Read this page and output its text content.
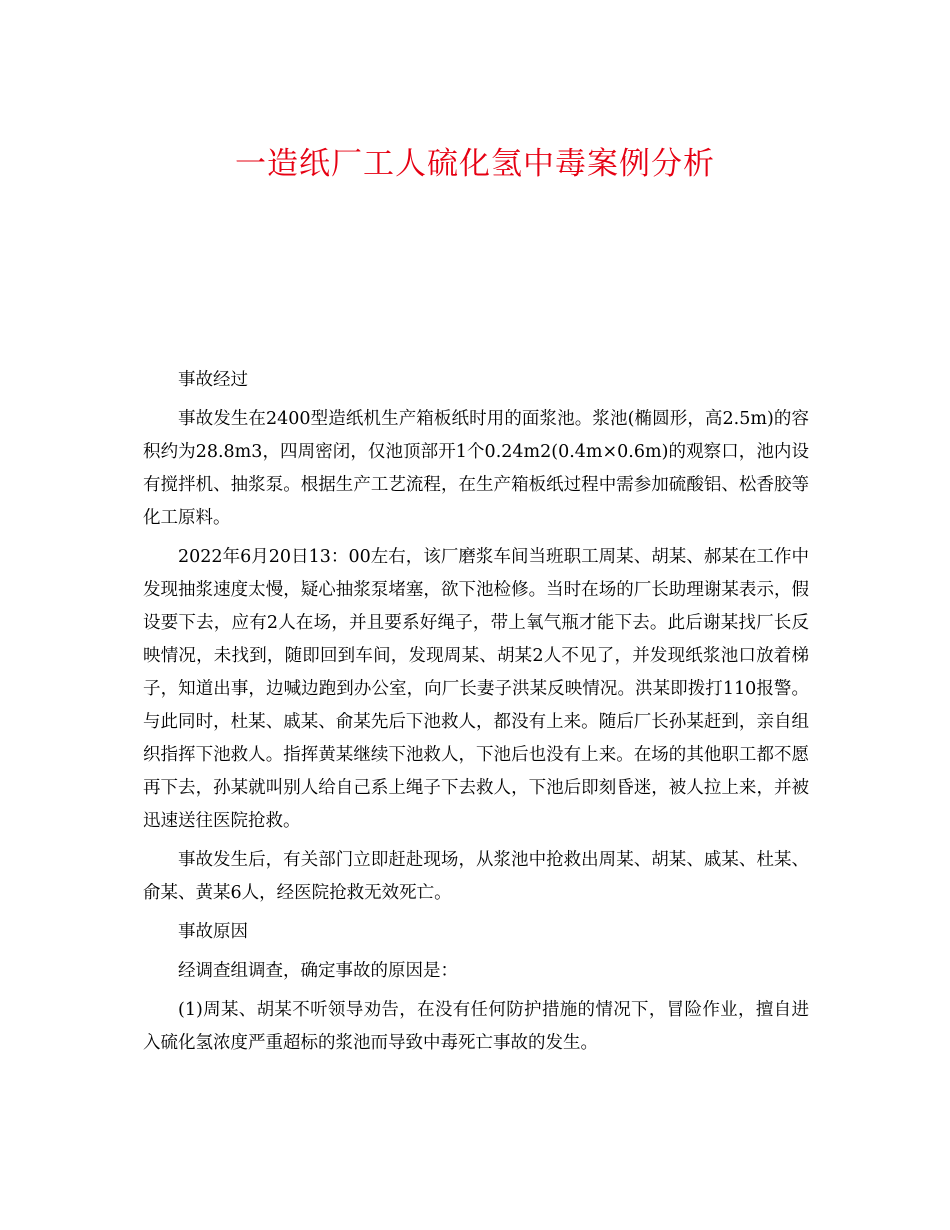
一造纸厂工人硫化氢中毒案例分析

事故经过

事故发生在2400型造纸机生产箱板纸时用的面浆池。浆池(椭圆形，高2.5m)的容积约为28.8m3，四周密闭，仅池顶部开1个0.24m2(0.4m×0.6m)的观察口，池内设有搅拌机、抽浆泵。根据生产工艺流程，在生产箱板纸过程中需参加硫酸铝、松香胶等化工原料。

2022年6月20日13：00左右，该厂磨浆车间当班职工周某、胡某、郝某在工作中发现抽浆速度太慢，疑心抽浆泵堵塞，欲下池检修。当时在场的厂长助理谢某表示，假设要下去，应有2人在场，并且要系好绳子，带上氧气瓶才能下去。此后谢某找厂长反映情况，未找到，随即回到车间，发现周某、胡某2人不见了，并发现纸浆池口放着梯子，知道出事，边喊边跑到办公室，向厂长妻子洪某反映情况。洪某即拨打110报警。与此同时，杜某、戚某、俞某先后下池救人，都没有上来。随后厂长孙某赶到，亲自组织指挥下池救人。指挥黄某继续下池救人，下池后也没有上来。在场的其他职工都不愿再下去，孙某就叫别人给自己系上绳子下去救人，下池后即刻昏迷，被人拉上来，并被迅速送往医院抢救。

事故发生后，有关部门立即赶赴现场，从浆池中抢救出周某、胡某、戚某、杜某、俞某、黄某6人，经医院抢救无效死亡。

事故原因

经调查组调查，确定事故的原因是：

(1)周某、胡某不听领导劝告，在没有任何防护措施的情况下，冒险作业，擅自进入硫化氢浓度严重超标的浆池而导致中毒死亡事故的发生。
